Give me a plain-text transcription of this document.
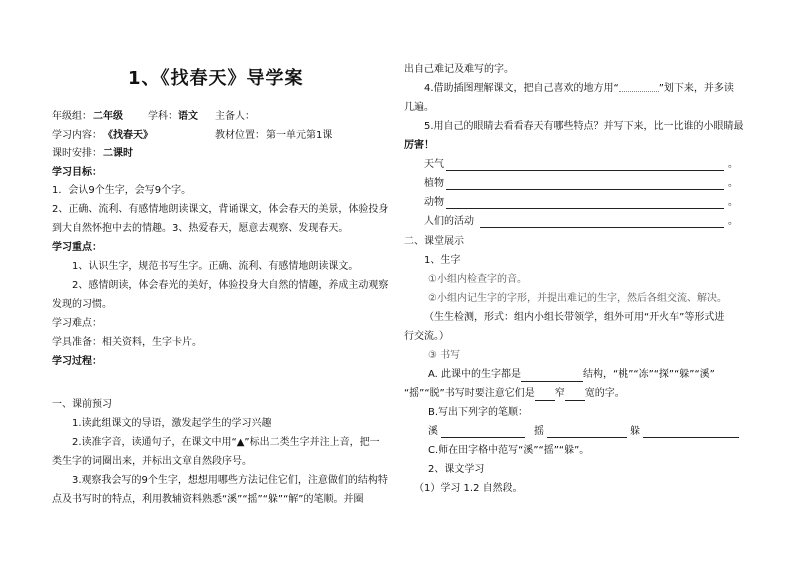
1、《找春天》导学案
年级组： 二年级	学科： 语文 主备人：
学习内容： 《找春天》	教材位置： 第一单元第1课
课时安排： 二课时
学习目标：
1．会认9个生字，会写9个字。
2、正确、流利、有感情地朗读课文，背诵课文，体会春天的美景，体验投身
到大自然怀抱中去的情趣。3、热爱春天，愿意去观察、发现春天。
学习重点：
1、认识生字，规范书写生字。正确、流利、有感情地朗读课文。
2、感情朗读，体会春光的美好，体验投身大自然的情趣，养成主动观察
发现的习惯。
学习难点：
学具准备：相关资料，生字卡片。
学习过程：
一、课前预习
1.读此组课文的导语，激发起学生的学习兴趣
2.读准字音，读通句子，在课文中用“▲”标出二类生字并注上音，把一
类生字的词圈出来，并标出文章自然段序号。
3.观察我会写的9个生字，想想用哪些方法记住它们，注意做们的结构特
点及书写时的特点，利用教辅资料熟悉“溪”“摇”“躲”“解”的笔顺。并圈
出自己难记及难写的字。
4.借助插图理解课文，把自己喜欢的地方用“	”划下来，并多读
几遍。
5.用自己的眼睛去看看春天有哪些特点？并写下来，比一比谁的小眼睛最
厉害！
天气	。
植物	。
动物	。
人们的活动	。
二、课堂展示
1、生字
①小组内检查字的音。
②小组内记生字的字形，并提出难记的生字，然后各组交流、解决。
（生生检测，形式：组内小组长带领学，组外可用“开火车”等形式进
行交流。）
③ 书写
A. 此课中的生字都是	结构，“桃”“冻”“探”“躲”“溪”
“摇”“脱”书写时要注意它们是 窄 宽的字。
B.写出下列字的笔顺：
溪	摇	躲
C.师在田字格中范写“溪”“摇”“躲”。
2、课文学习
（1）学习 1.2 自然段。
